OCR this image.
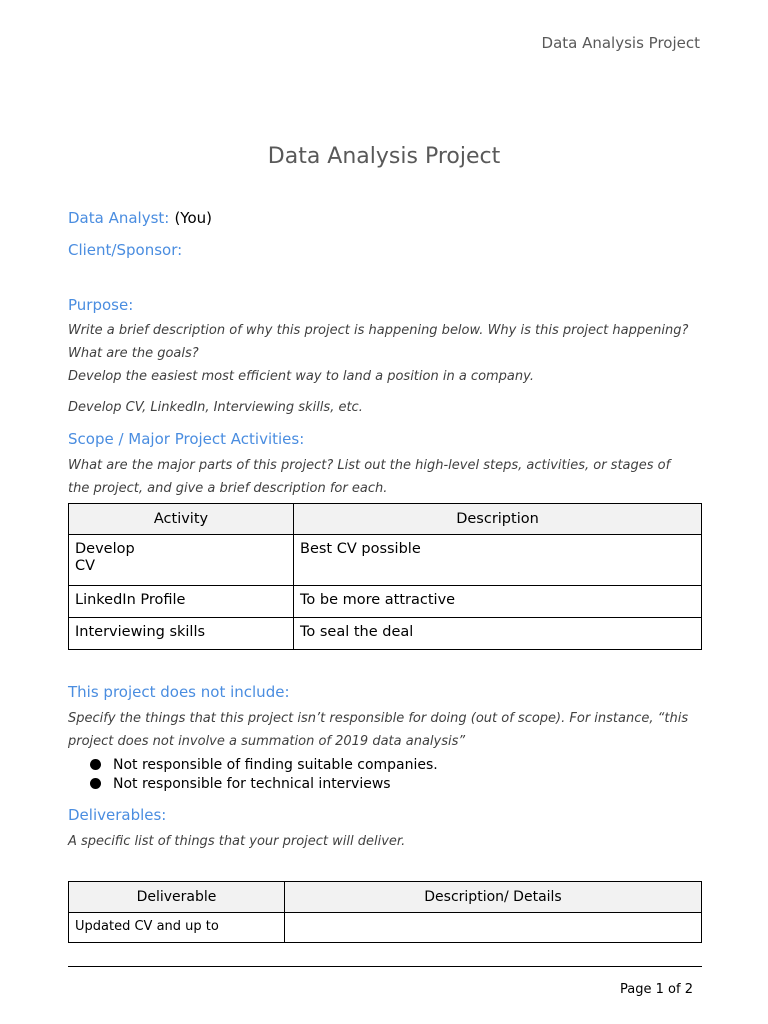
Data Analysis Project
Data Analysis Project
Data Analyst: (You)
Client/Sponsor:
Purpose:
Write a brief description of why this project is happening below. Why is this project happening?
What are the goals?
Develop the easiest most efficient way to land a position in a company.
Develop CV, LinkedIn, Interviewing skills, etc.
Scope / Major Project Activities:
What are the major parts of this project? List out the high-level steps, activities, or stages of
the project, and give a brief description for each.
Activity	Description

Develop
CV	Best CV possible
LinkedIn Profile	To be more attractive
Interviewing skills	To seal the deal
This project does not include:
Specify the things that this project isn’t responsible for doing (out of scope). For instance, “this
project does not involve a summation of 2019 data analysis”
Not responsible of finding suitable companies.
Not responsible for technical interviews
Deliverables:
A specific list of things that your project will deliver.
Deliverable	Description/ Details
Updated CV and up to	
Page 1 of 2
